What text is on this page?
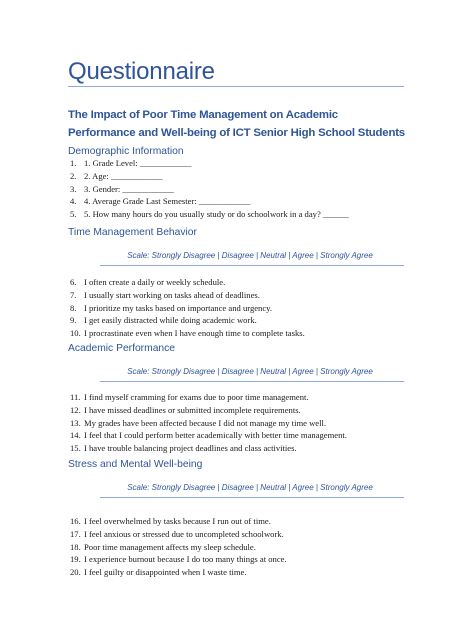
Questionnaire
The Impact of Poor Time Management on Academic Performance and Well-being of ICT Senior High School Students
Demographic Information
1. 1. Grade Level: ____________
2. 2. Age: ____________
3. 3. Gender: ____________
4. 4. Average Grade Last Semester: ____________
5. 5. How many hours do you usually study or do schoolwork in a day? ______
Time Management Behavior
Scale: Strongly Disagree | Disagree | Neutral | Agree | Strongly Agree
6. I often create a daily or weekly schedule.
7. I usually start working on tasks ahead of deadlines.
8. I prioritize my tasks based on importance and urgency.
9. I get easily distracted while doing academic work.
10. I procrastinate even when I have enough time to complete tasks.
Academic Performance
Scale: Strongly Disagree | Disagree | Neutral | Agree | Strongly Agree
11. I find myself cramming for exams due to poor time management.
12. I have missed deadlines or submitted incomplete requirements.
13. My grades have been affected because I did not manage my time well.
14. I feel that I could perform better academically with better time management.
15. I have trouble balancing project deadlines and class activities.
Stress and Mental Well-being
Scale: Strongly Disagree | Disagree | Neutral | Agree | Strongly Agree
16. I feel overwhelmed by tasks because I run out of time.
17. I feel anxious or stressed due to uncompleted schoolwork.
18. Poor time management affects my sleep schedule.
19. I experience burnout because I do too many things at once.
20. I feel guilty or disappointed when I waste time.
